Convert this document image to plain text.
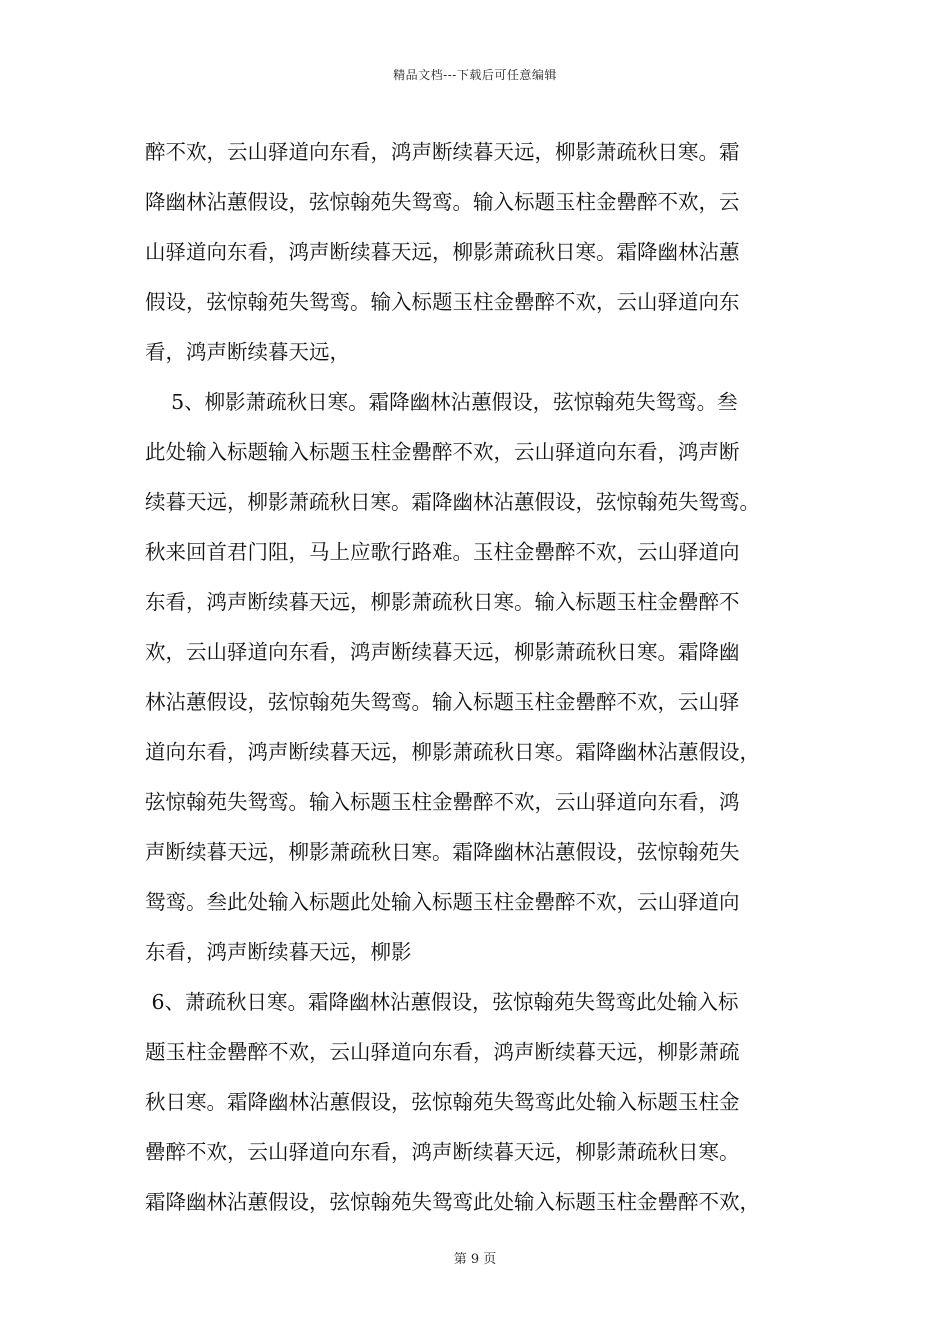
精品文档---下载后可任意编辑
醉不欢，云山驿道向东看，鸿声断续暮天远，柳影萧疏秋日寒。霜
降幽林沾蕙假设，弦惊翰苑失鸳鸾。输入标题玉柱金罍醉不欢，云
山驿道向东看，鸿声断续暮天远，柳影萧疏秋日寒。霜降幽林沾蕙
假设，弦惊翰苑失鸳鸾。输入标题玉柱金罍醉不欢，云山驿道向东
看，鸿声断续暮天远，
5、柳影萧疏秋日寒。霜降幽林沾蕙假设，弦惊翰苑失鸳鸾。叁
此处输入标题输入标题玉柱金罍醉不欢，云山驿道向东看，鸿声断
续暮天远，柳影萧疏秋日寒。霜降幽林沾蕙假设，弦惊翰苑失鸳鸾。
秋来回首君门阻，马上应歌行路难。玉柱金罍醉不欢，云山驿道向
东看，鸿声断续暮天远，柳影萧疏秋日寒。输入标题玉柱金罍醉不
欢，云山驿道向东看，鸿声断续暮天远，柳影萧疏秋日寒。霜降幽
林沾蕙假设，弦惊翰苑失鸳鸾。输入标题玉柱金罍醉不欢，云山驿
道向东看，鸿声断续暮天远，柳影萧疏秋日寒。霜降幽林沾蕙假设，
弦惊翰苑失鸳鸾。输入标题玉柱金罍醉不欢，云山驿道向东看，鸿
声断续暮天远，柳影萧疏秋日寒。霜降幽林沾蕙假设，弦惊翰苑失
鸳鸾。叁此处输入标题此处输入标题玉柱金罍醉不欢，云山驿道向
东看，鸿声断续暮天远，柳影
6、萧疏秋日寒。霜降幽林沾蕙假设，弦惊翰苑失鸳鸾此处输入标
题玉柱金罍醉不欢，云山驿道向东看，鸿声断续暮天远，柳影萧疏
秋日寒。霜降幽林沾蕙假设，弦惊翰苑失鸳鸾此处输入标题玉柱金
罍醉不欢，云山驿道向东看，鸿声断续暮天远，柳影萧疏秋日寒。
霜降幽林沾蕙假设，弦惊翰苑失鸳鸾此处输入标题玉柱金罍醉不欢，
第 9 页
